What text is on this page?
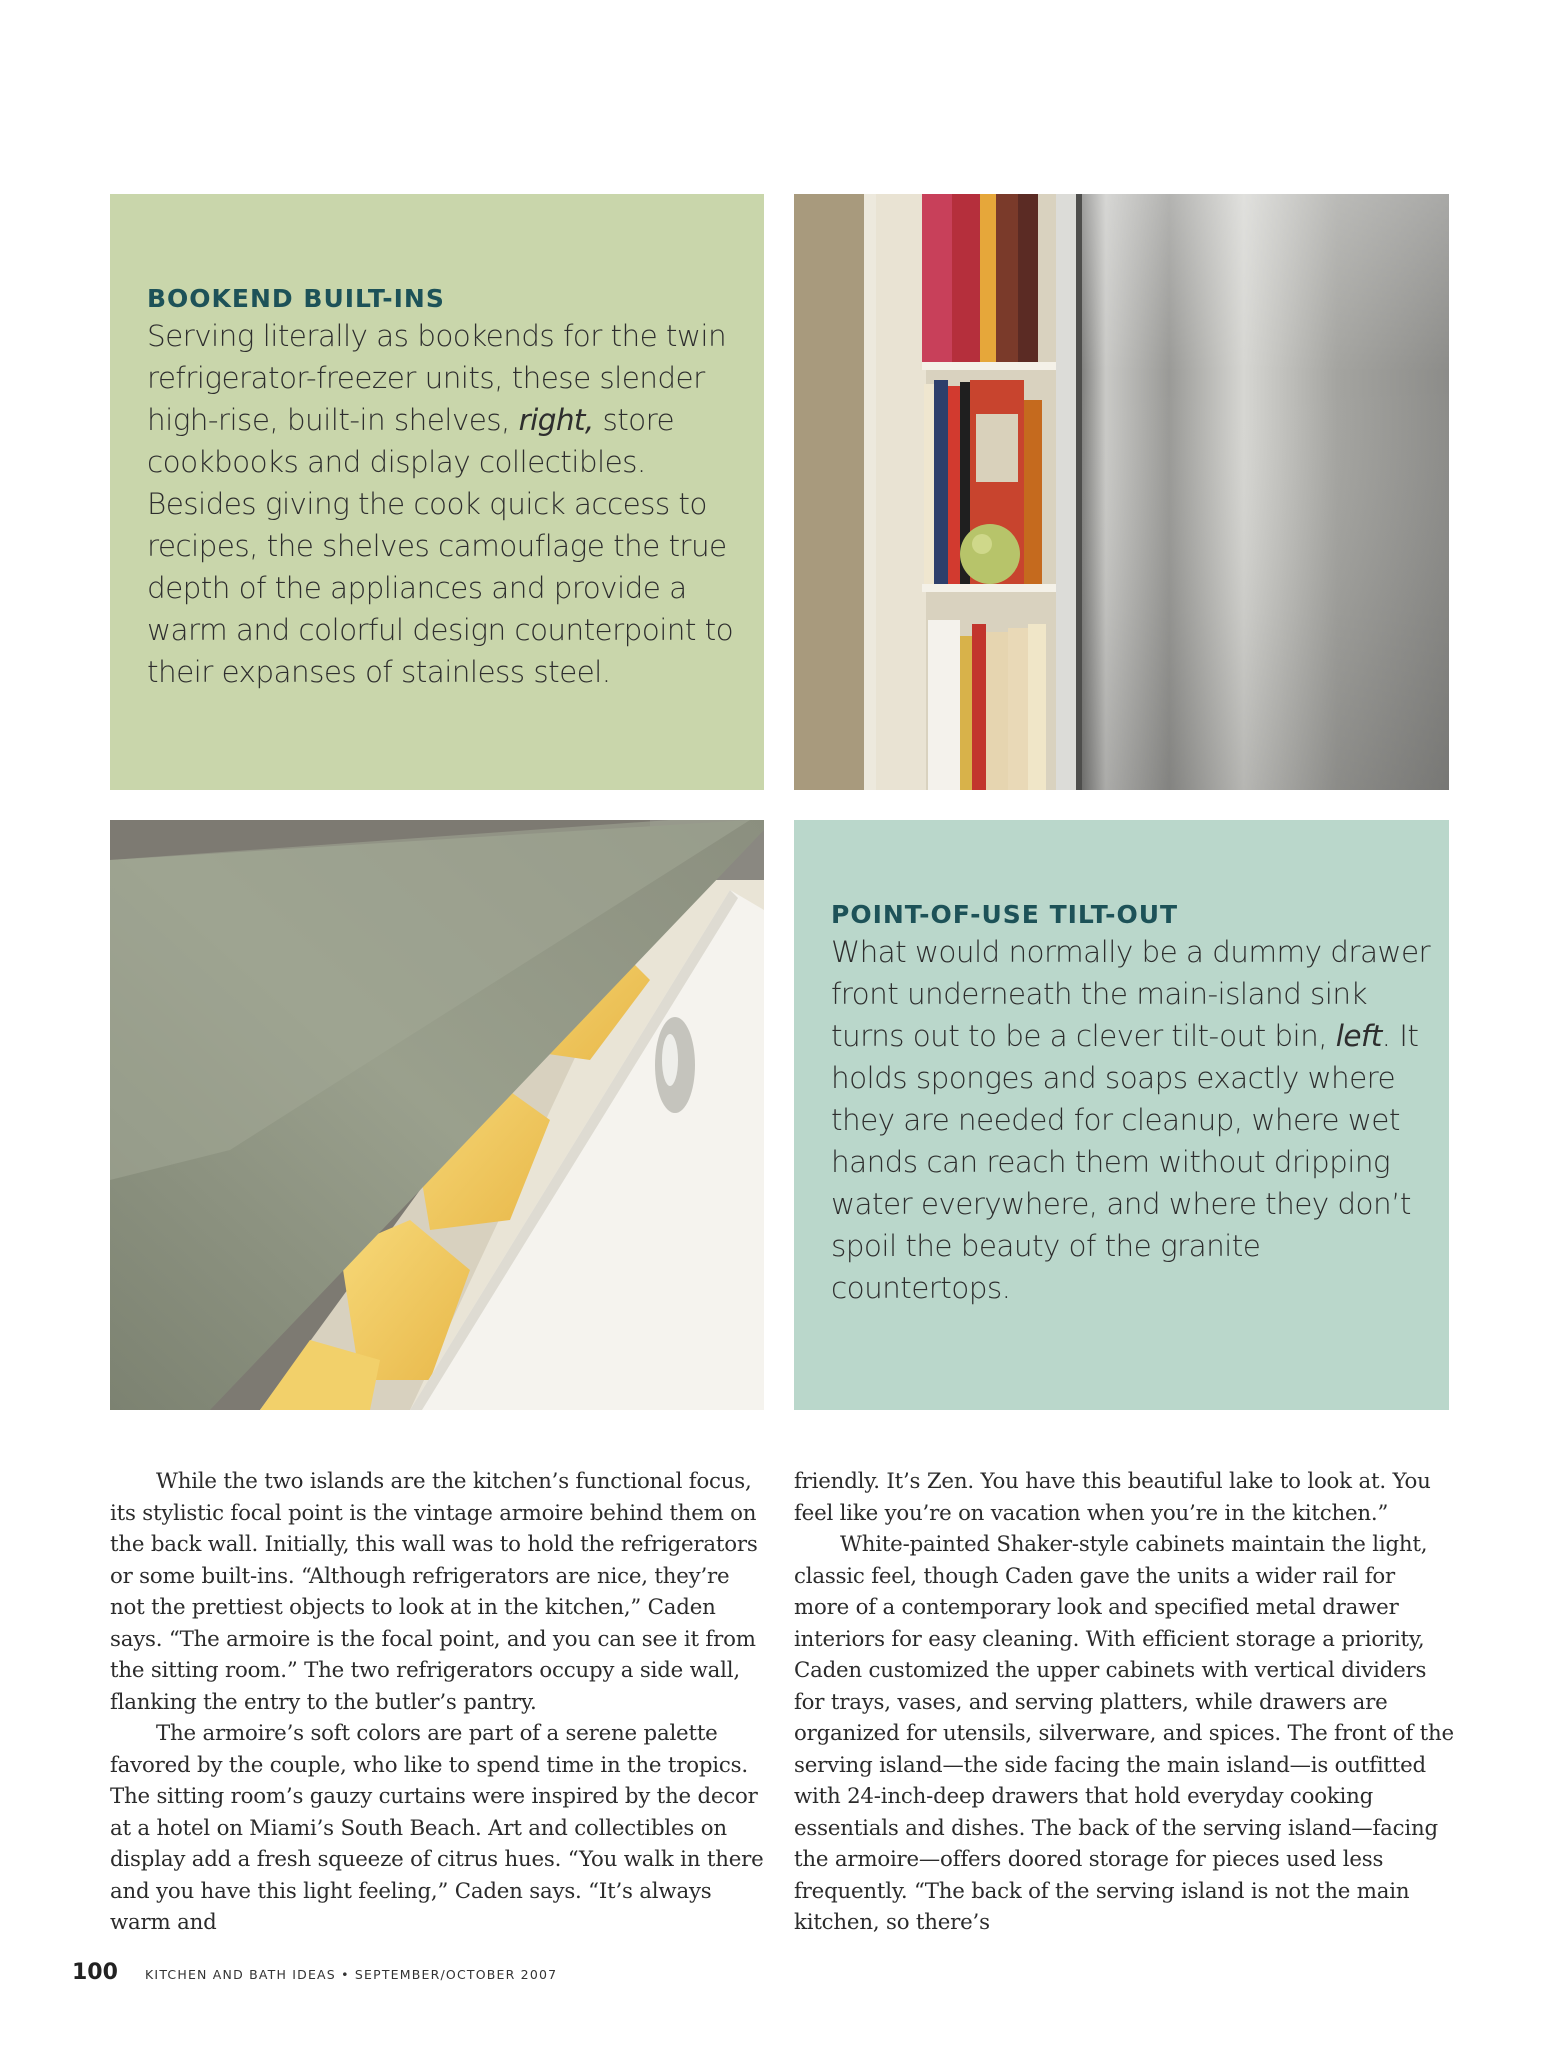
BOOKEND BUILT-INS

Serving literally as bookends for the twin refrigerator-freezer units, these slender high-rise, built-in shelves, right, store cookbooks and display collectibles. Besides giving the cook quick access to recipes, the shelves camouflage the true depth of the appliances and provide a warm and colorful design counterpoint to their expanses of stainless steel.

POINT-OF-USE TILT-OUT

What would normally be a dummy drawer front underneath the main-island sink turns out to be a clever tilt-out bin, left. It holds sponges and soaps exactly where they are needed for cleanup, where wet hands can reach them without dripping water everywhere, and where they don’t spoil the beauty of the granite countertops.

While the two islands are the kitchen’s functional focus, its stylistic focal point is the vintage armoire behind them on the back wall. Initially, this wall was to hold the refrigerators or some built-ins. “Although refrigerators are nice, they’re not the prettiest objects to look at in the kitchen,” Caden says. “The armoire is the focal point, and you can see it from the sitting room.” The two refrigerators occupy a side wall, flanking the entry to the butler’s pantry.

The armoire’s soft colors are part of a serene palette favored by the couple, who like to spend time in the tropics. The sitting room’s gauzy curtains were inspired by the decor at a hotel on Miami’s South Beach. Art and collectibles on display add a fresh squeeze of citrus hues. “You walk in there and you have this light feeling,” Caden says. “It’s always warm and

friendly. It’s Zen. You have this beautiful lake to look at. You feel like you’re on vacation when you’re in the kitchen.”

White-painted Shaker-style cabinets maintain the light, classic feel, though Caden gave the units a wider rail for more of a contemporary look and specified metal drawer interiors for easy cleaning. With efficient storage a priority, Caden customized the upper cabinets with vertical dividers for trays, vases, and serving platters, while drawers are organized for utensils, silverware, and spices. The front of the serving island—the side facing the main island—is outfitted with 24-inch-deep drawers that hold everyday cooking essentials and dishes. The back of the serving island—facing the armoire—offers doored storage for pieces used less frequently. “The back of the serving island is not the main kitchen, so there’s

100 KITCHEN AND BATH IDEAS • SEPTEMBER/OCTOBER 2007
